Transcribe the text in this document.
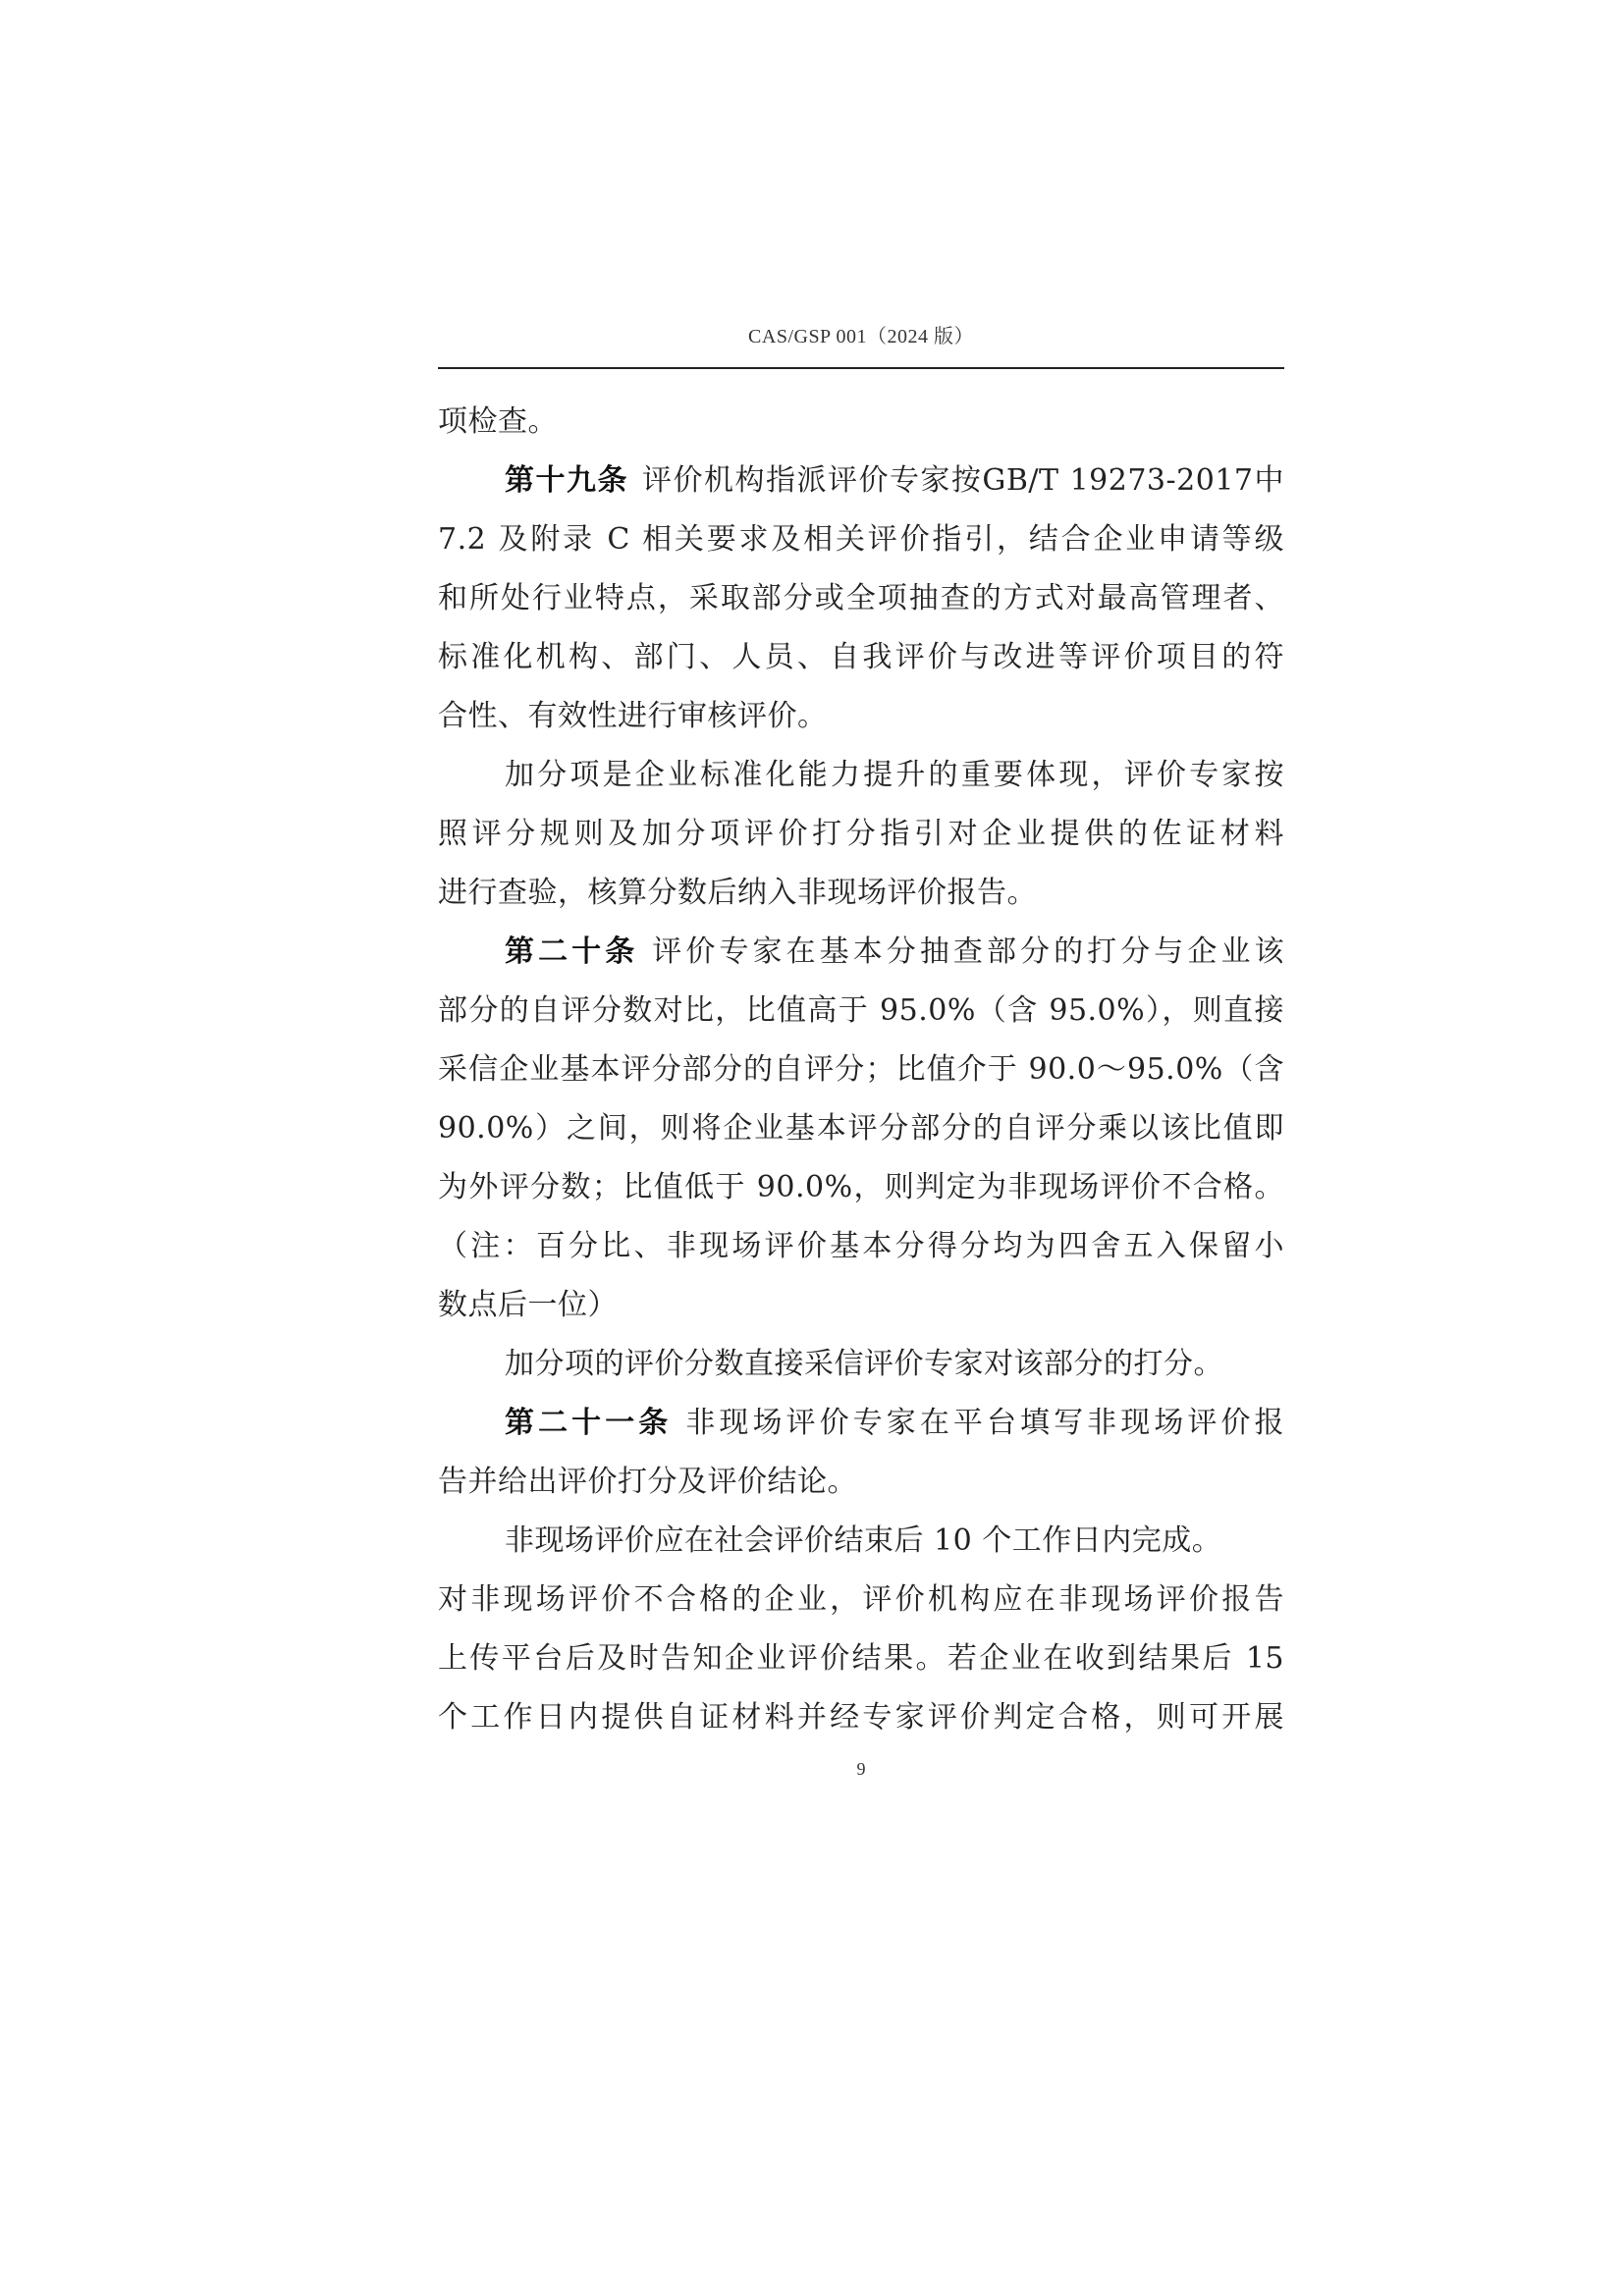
CAS/GSP 001（2024 版）
项检查。
第十九条 评价机构指派评价专家按GB/T 19273-2017中
7.2 及附录 C 相关要求及相关评价指引，结合企业申请等级
和所处行业特点，采取部分或全项抽查的方式对最高管理者、
标准化机构、部门、人员、自我评价与改进等评价项目的符
合性、有效性进行审核评价。
加分项是企业标准化能力提升的重要体现，评价专家按
照评分规则及加分项评价打分指引对企业提供的佐证材料
进行查验，核算分数后纳入非现场评价报告。
第二十条 评价专家在基本分抽查部分的打分与企业该
部分的自评分数对比，比值高于 95.0%（含 95.0%），则直接
采信企业基本评分部分的自评分；比值介于 90.0～95.0%（含
90.0%）之间，则将企业基本评分部分的自评分乘以该比值即
为外评分数；比值低于 90.0%，则判定为非现场评价不合格。
（注：百分比、非现场评价基本分得分均为四舍五入保留小
数点后一位）
加分项的评价分数直接采信评价专家对该部分的打分。
第二十一条 非现场评价专家在平台填写非现场评价报
告并给出评价打分及评价结论。
非现场评价应在社会评价结束后 10 个工作日内完成。
对非现场评价不合格的企业，评价机构应在非现场评价报告
上传平台后及时告知企业评价结果。若企业在收到结果后 15
个工作日内提供自证材料并经专家评价判定合格，则可开展
9
